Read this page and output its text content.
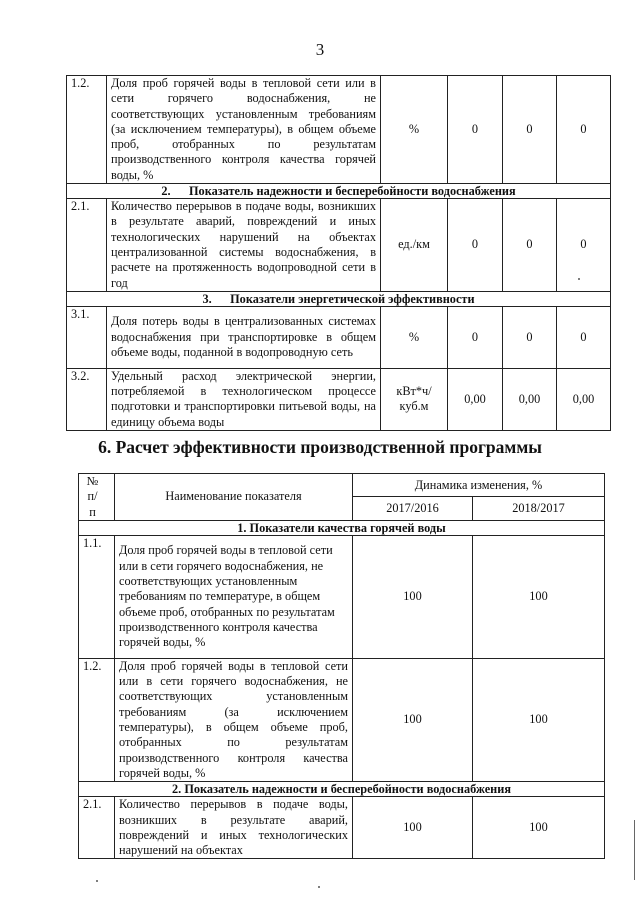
3
1.2.	Доля проб горячей воды в тепловой сети или в сети горячего водоснабжения, не соответствующих установленным требованиям (за исключением температуры), в общем объеме проб, отобранных по результатам производственного контроля качества горячей воды, %	%	0	0	0
2.      Показатель надежности и бесперебойности водоснабжения					
2.1.	Количество перерывов в подаче воды, возникших в результате аварий, повреждений и иных технологических нарушений на объектах централизованной системы водоснабжения, в расчете на протяженность водопроводной сети в год	ед./км	0	0	0
3.      Показатели энергетической эффективности					
3.1.	Доля потерь воды в централизованных системах водоснабжения при транспортировке в общем объеме воды, поданной в водопроводную сеть	%	0	0	0
3.2.	Удельный расход электрической энергии, потребляемой в технологическом процессе подготовки и транспортировки питьевой воды, на единицу объема воды	кВт*ч/ куб.м	0,00	0,00	0,00
6. Расчет эффективности производственной программы
№ п/п	Наименование показателя	Динамика изменения, %	
		2017/2016	2018/2017
1. Показатели качества горячей воды			
1.1.	Доля проб горячей воды в тепловой сети или в сети горячего водоснабжения, не соответствующих установленным требованиям по температуре, в общем объеме проб, отобранных по результатам производственного контроля качества горячей воды, %	100	100
1.2.	Доля проб горячей воды в тепловой сети или в сети горячего водоснабжения, не соответствующих установленным требованиям (за исключением температуры), в общем объеме проб, отобранных по результатам производственного контроля качества горячей воды, %	100	100
2. Показатель надежности и бесперебойности водоснабжения			
2.1.	Количество перерывов в подаче воды, возникших в результате аварий, повреждений и иных технологических нарушений на объектах	100	100
